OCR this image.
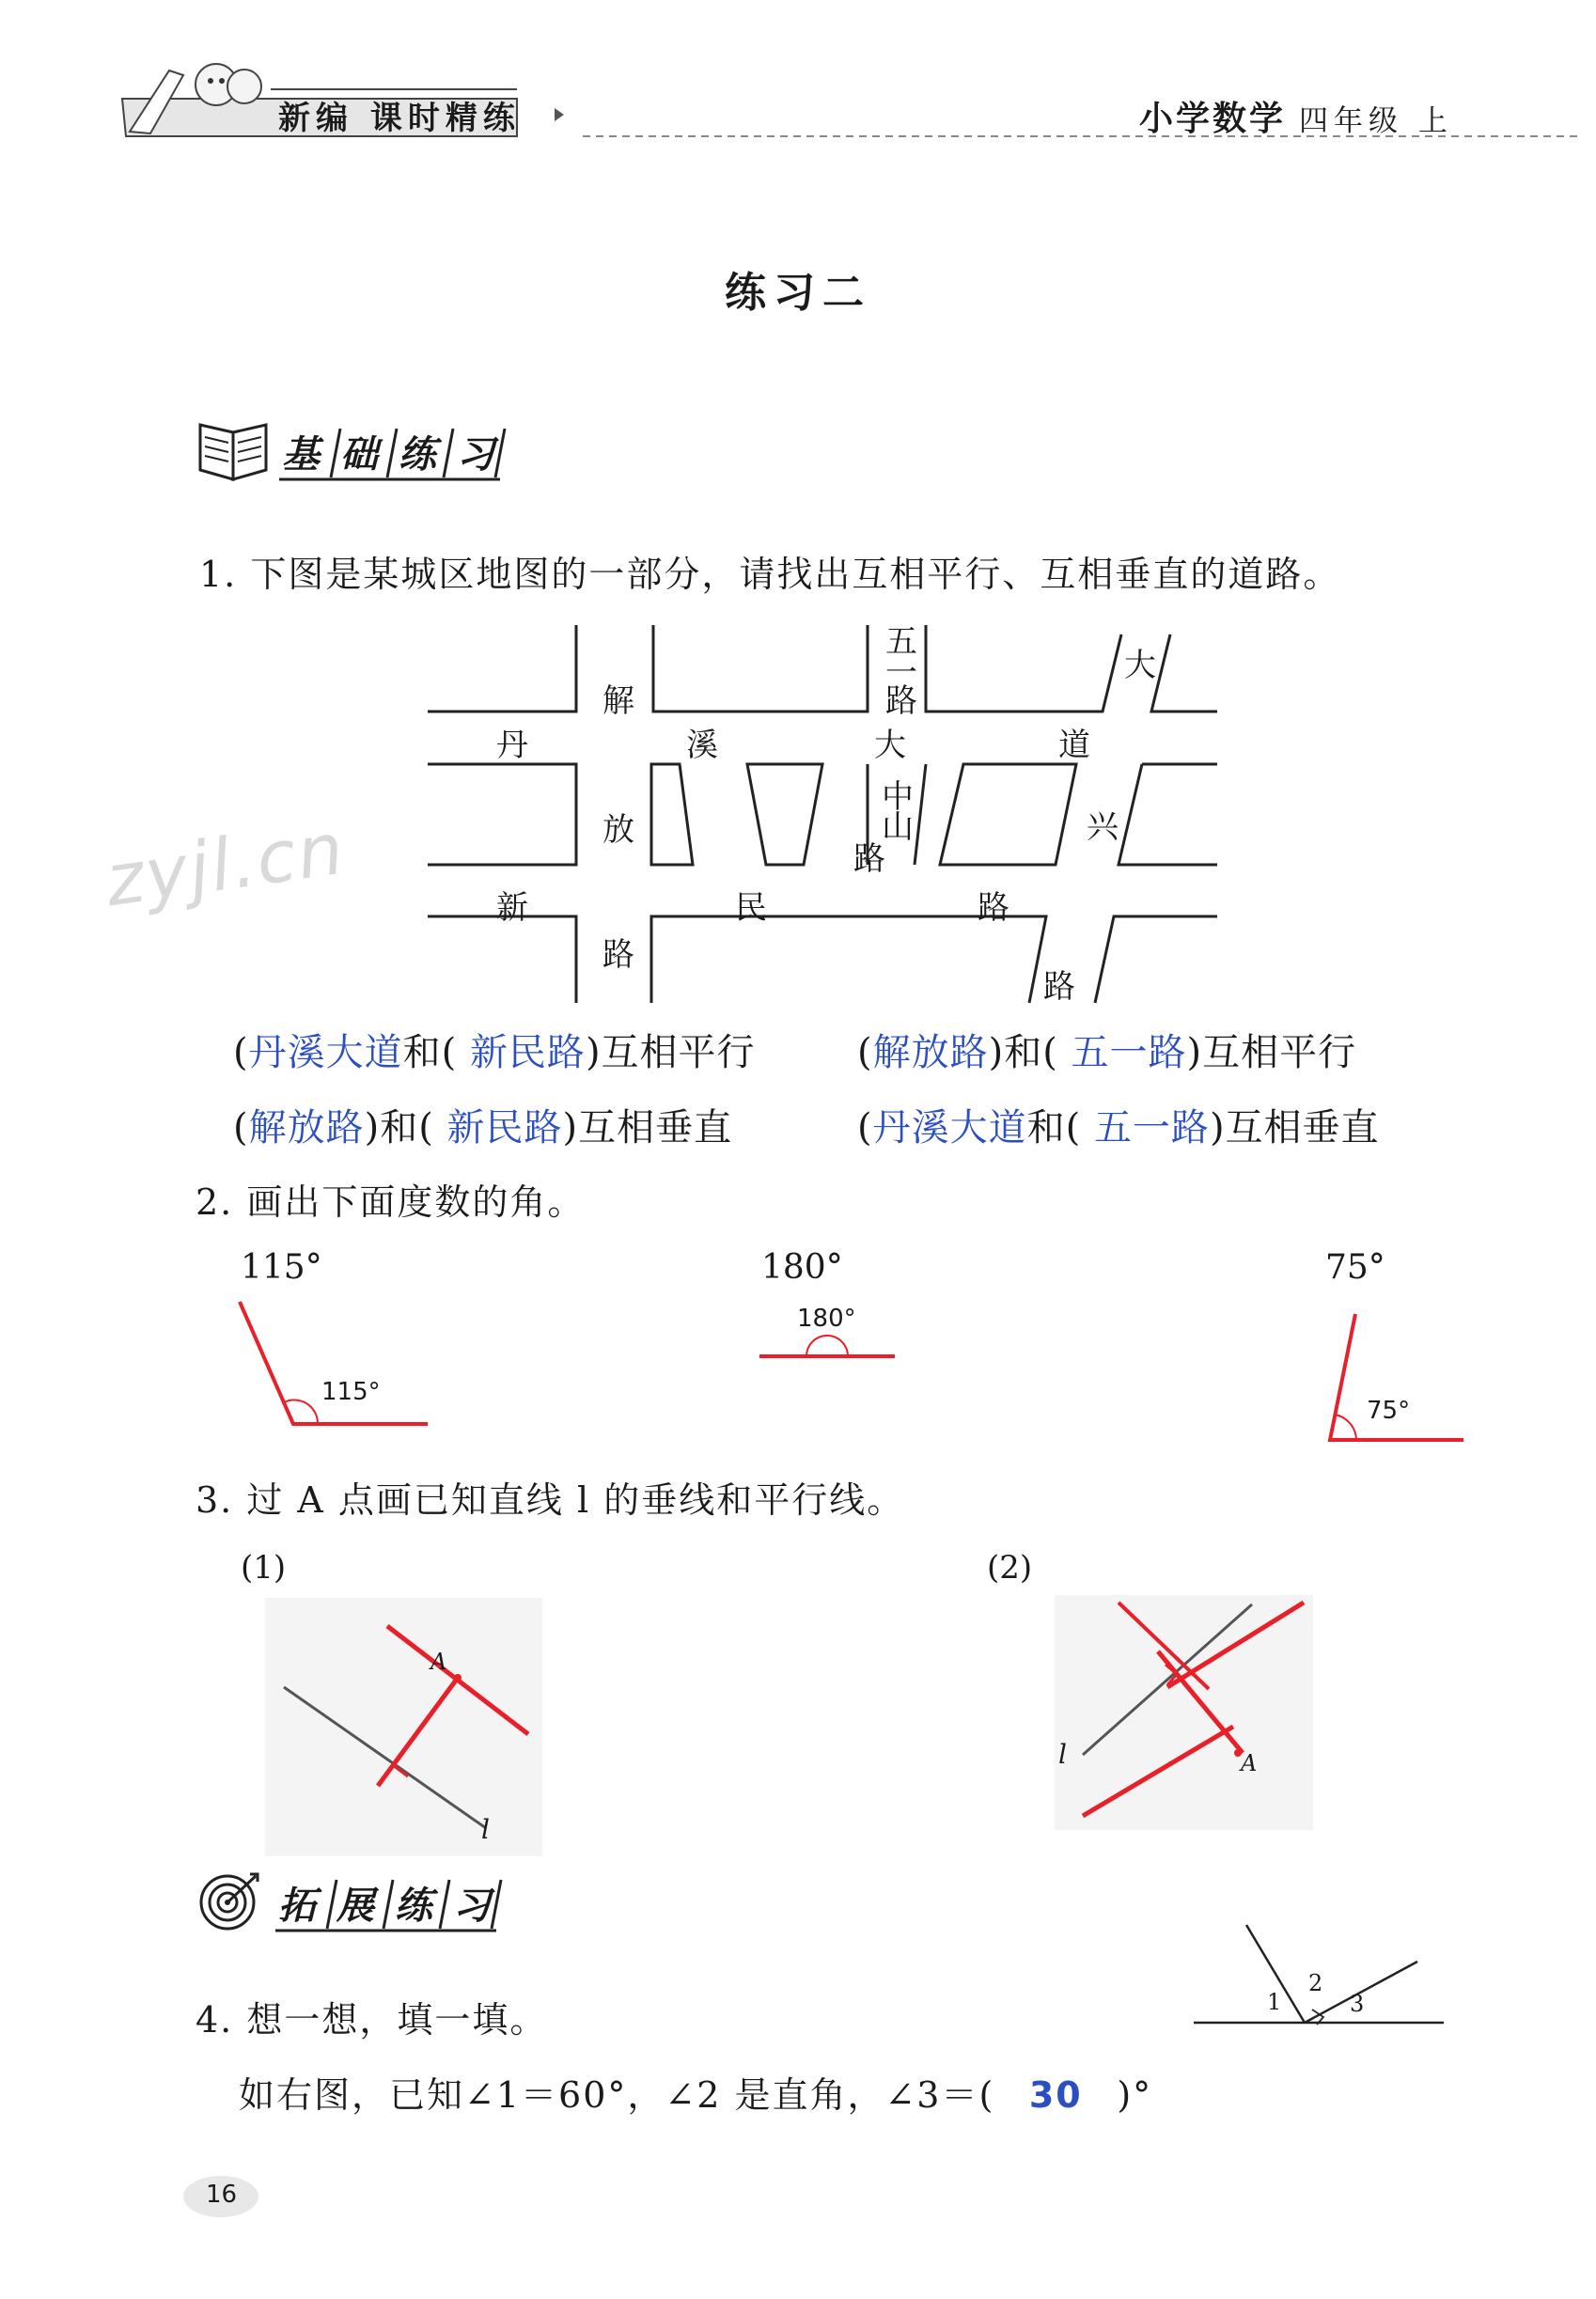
zyjl.cn
新编 课时精练	小学数学 四年级 上
练习二
基础练习
1. 下图是某城区地图的一部分，请找出互相平行、互相垂直的道路。
解
放
路
丹	溪	大	道
新	民	路
五
一
路
中
山
路
大
兴
路
(丹溪大道和( 新民路)互相平行	(解放路)和( 五一路)互相平行
(解放路)和( 新民路)互相垂直	(丹溪大道和( 五一路)互相垂直
2. 画出下面度数的角。
115°	180°	75°
115°
180°
75°
3. 过 A 点画已知直线 l 的垂线和平行线。
(1)	(2)
A
l
l	A
拓展练习
4. 想一想，填一填。
如右图，已知∠1＝60°，∠2 是直角，∠3＝( 30 )°
1
2
3
16
